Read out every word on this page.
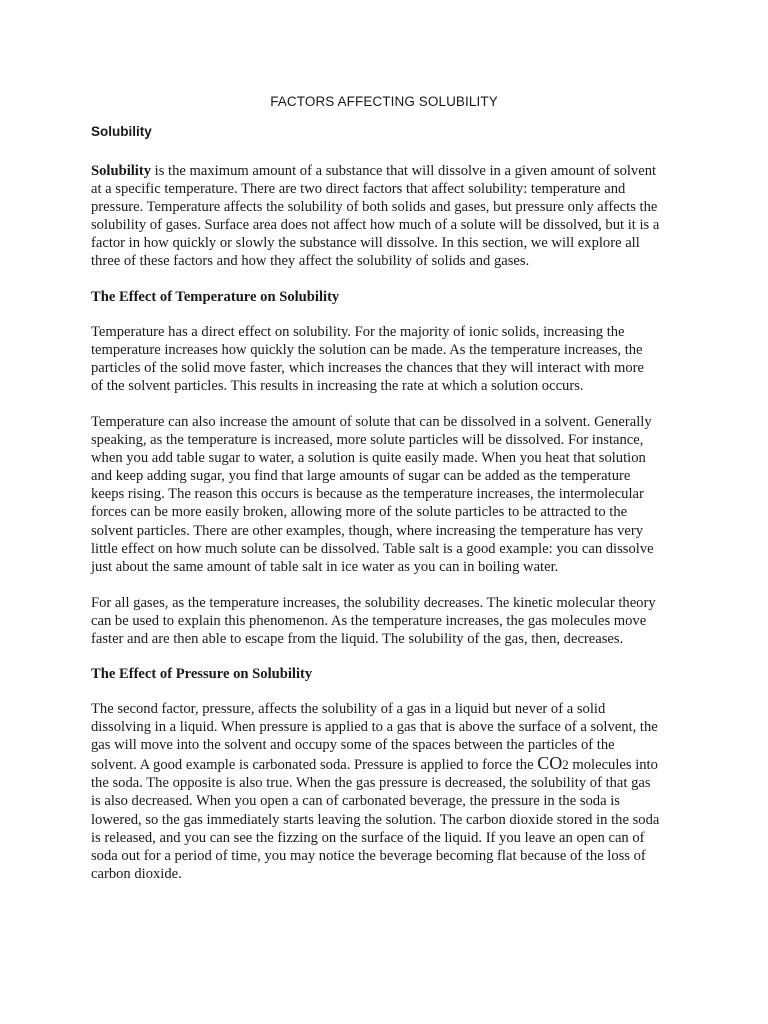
FACTORS AFFECTING SOLUBILITY
Solubility

Solubility is the maximum amount of a substance that will dissolve in a given amount of solvent
at a specific temperature. There are two direct factors that affect solubility: temperature and
pressure. Temperature affects the solubility of both solids and gases, but pressure only affects the
solubility of gases. Surface area does not affect how much of a solute will be dissolved, but it is a
factor in how quickly or slowly the substance will dissolve. In this section, we will explore all
three of these factors and how they affect the solubility of solids and gases.

The Effect of Temperature on Solubility

Temperature has a direct effect on solubility. For the majority of ionic solids, increasing the
temperature increases how quickly the solution can be made. As the temperature increases, the
particles of the solid move faster, which increases the chances that they will interact with more
of the solvent particles. This results in increasing the rate at which a solution occurs.

Temperature can also increase the amount of solute that can be dissolved in a solvent. Generally
speaking, as the temperature is increased, more solute particles will be dissolved. For instance,
when you add table sugar to water, a solution is quite easily made. When you heat that solution
and keep adding sugar, you find that large amounts of sugar can be added as the temperature
keeps rising. The reason this occurs is because as the temperature increases, the intermolecular
forces can be more easily broken, allowing more of the solute particles to be attracted to the
solvent particles. There are other examples, though, where increasing the temperature has very
little effect on how much solute can be dissolved. Table salt is a good example: you can dissolve
just about the same amount of table salt in ice water as you can in boiling water.

For all gases, as the temperature increases, the solubility decreases. The kinetic molecular theory
can be used to explain this phenomenon. As the temperature increases, the gas molecules move
faster and are then able to escape from the liquid. The solubility of the gas, then, decreases.

The Effect of Pressure on Solubility

The second factor, pressure, affects the solubility of a gas in a liquid but never of a solid
dissolving in a liquid. When pressure is applied to a gas that is above the surface of a solvent, the
gas will move into the solvent and occupy some of the spaces between the particles of the
solvent. A good example is carbonated soda. Pressure is applied to force the CO2 molecules into
the soda. The opposite is also true. When the gas pressure is decreased, the solubility of that gas
is also decreased. When you open a can of carbonated beverage, the pressure in the soda is
lowered, so the gas immediately starts leaving the solution. The carbon dioxide stored in the soda
is released, and you can see the fizzing on the surface of the liquid. If you leave an open can of
soda out for a period of time, you may notice the beverage becoming flat because of the loss of
carbon dioxide.
